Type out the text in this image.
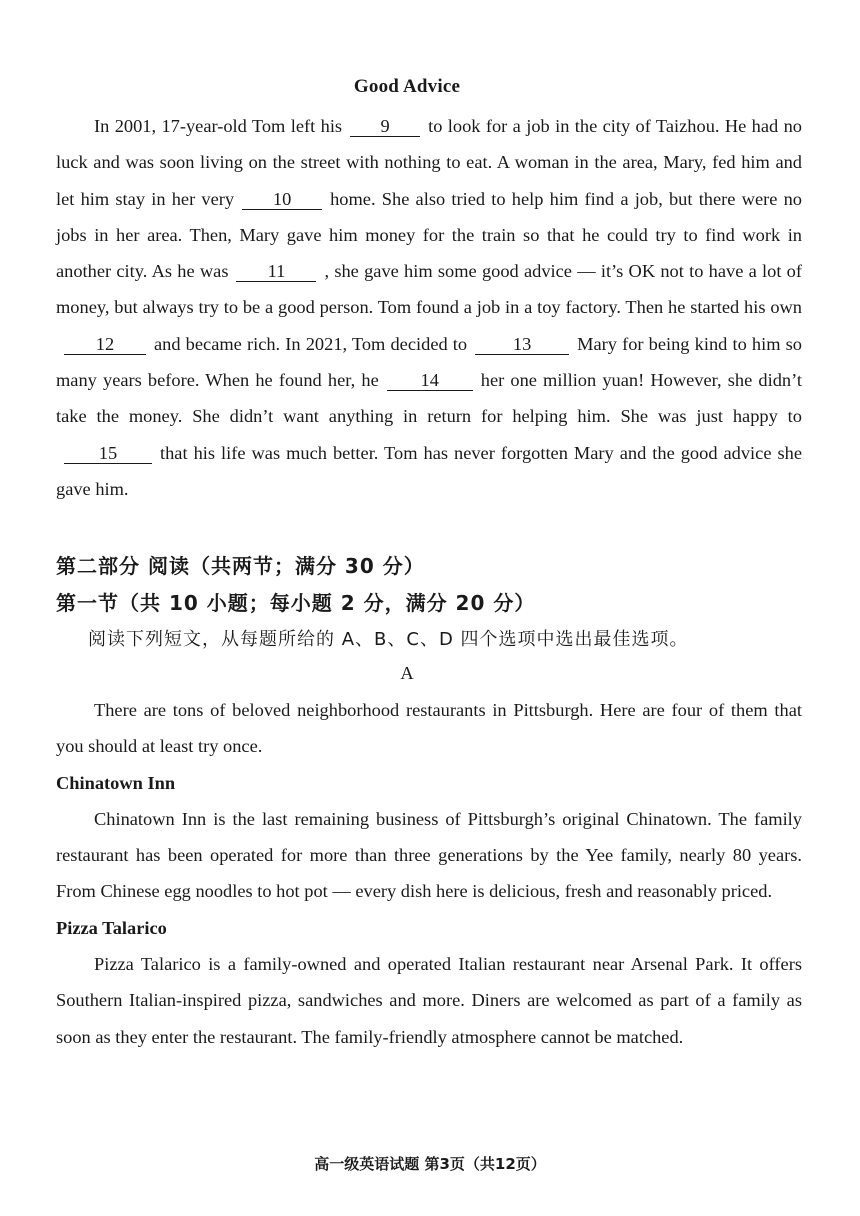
Good Advice

In 2001, 17-year-old Tom left his 9 to look for a job in the city of Taizhou. He had no luck and was soon living on the street with nothing to eat. A woman in the area, Mary, fed him and let him stay in her very 10 home. She also tried to help him find a job, but there were no jobs in her area. Then, Mary gave him money for the train so that he could try to find work in another city. As he was 11 , she gave him some good advice — it’s OK not to have a lot of money, but always try to be a good person. Tom found a job in a toy factory. Then he started his own12 and became rich. In 2021, Tom decided to 13 Mary for being kind to him so many years before. When he found her, he 14 her one million yuan! However, she didn’t take the money. She didn’t want anything in return for helping him. She was just happy to15 that his life was much better. Tom has never forgotten Mary and the good advice she gave him.

第二部分 阅读（共两节；满分 30 分）
第一节（共 10 小题；每小题 2 分，满分 20 分）
阅读下列短文，从每题所给的 A、B、C、D 四个选项中选出最佳选项。
A

There are tons of beloved neighborhood restaurants in Pittsburgh. Here are four of them that you should at least try once.

Chinatown Inn

Chinatown Inn is the last remaining business of Pittsburgh’s original Chinatown. The family restaurant has been operated for more than three generations by the Yee family, nearly 80 years. From Chinese egg noodles to hot pot — every dish here is delicious, fresh and reasonably priced.

Pizza Talarico

Pizza Talarico is a family-owned and operated Italian restaurant near Arsenal Park. It offers Southern Italian-inspired pizza, sandwiches and more. Diners are welcomed as part of a family as soon as they enter the restaurant. The family-friendly atmosphere cannot be matched.

高一级英语试题 第3页（共12页）
